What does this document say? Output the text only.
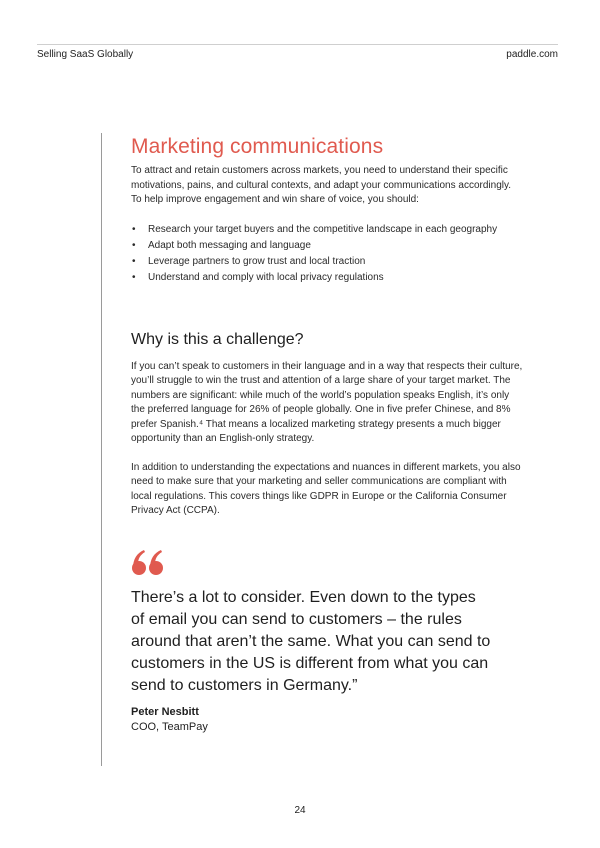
Selling SaaS Globally	paddle.com
Marketing communications

To attract and retain customers across markets, you need to understand their specific motivations, pains, and cultural contexts, and adapt your communications accordingly. To help improve engagement and win share of voice, you should:

• Research your target buyers and the competitive landscape in each geography
• Adapt both messaging and language
• Leverage partners to grow trust and local traction
• Understand and comply with local privacy regulations
Why is this a challenge?

If you can’t speak to customers in their language and in a way that respects their culture, you’ll struggle to win the trust and attention of a large share of your target market. The numbers are significant: while much of the world’s population speaks English, it’s only the preferred language for 26% of people globally. One in five prefer Chinese, and 8% prefer Spanish.⁴ That means a localized marketing strategy presents a much bigger opportunity than an English-only strategy.

In addition to understanding the expectations and nuances in different markets, you also need to make sure that your marketing and seller communications are compliant with local regulations. This covers things like GDPR in Europe or the California Consumer Privacy Act (CCPA).

There’s a lot to consider. Even down to the types of email you can send to customers – the rules around that aren’t the same. What you can send to customers in the US is different from what you can send to customers in Germany.”

Peter Nesbitt
COO, TeamPay
24
